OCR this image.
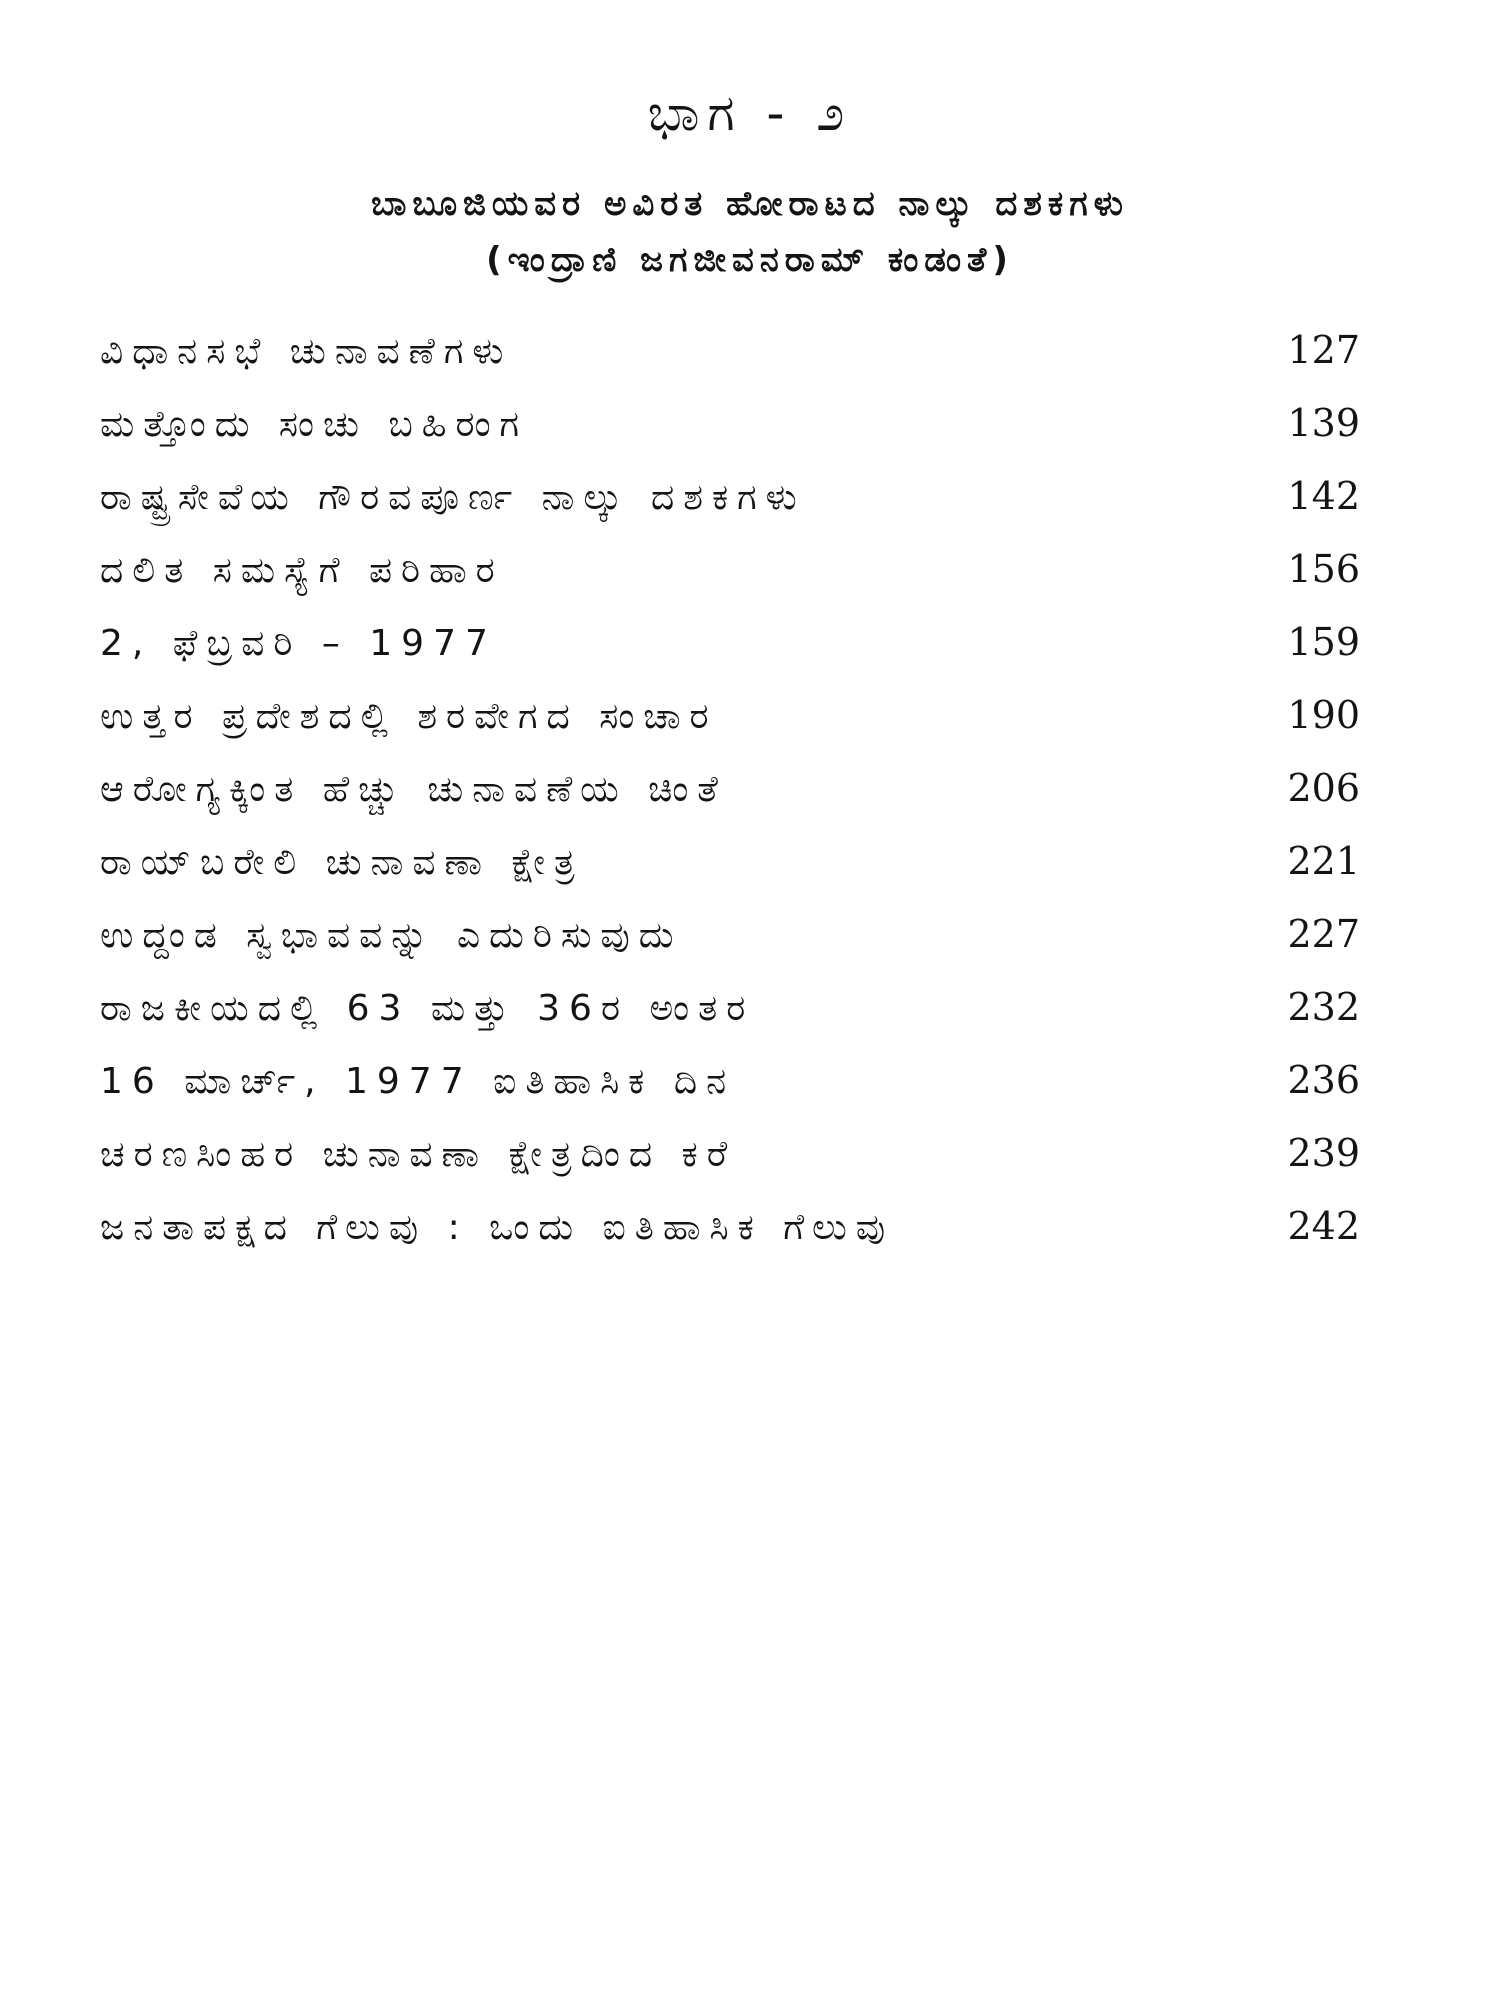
ಭಾಗ - ೨
ಬಾಬೂಜಿಯವರ ಅವಿರತ ಹೋರಾಟದ ನಾಲ್ಕು ದಶಕಗಳು
(ಇಂದ್ರಾಣಿ ಜಗಜೀವನರಾಮ್ ಕಂಡಂತೆ)
ವಿಧಾನಸಭೆ ಚುನಾವಣೆಗಳು	127
ಮತ್ತೊಂದು ಸಂಚು ಬಹಿರಂಗ	139
ರಾಷ್ಟ್ರಸೇವೆಯ ಗೌರವಪೂರ್ಣ ನಾಲ್ಕು ದಶಕಗಳು	142
ದಲಿತ ಸಮಸ್ಯೆಗೆ ಪರಿಹಾರ	156
2, ಫೆಬ್ರವರಿ – 1977	159
ಉತ್ತರ ಪ್ರದೇಶದಲ್ಲಿ ಶರವೇಗದ ಸಂಚಾರ	190
ಆರೋಗ್ಯಕ್ಕಿಂತ ಹೆಚ್ಚು ಚುನಾವಣೆಯ ಚಿಂತೆ	206
ರಾಯ್‌ಬರೇಲಿ ಚುನಾವಣಾ ಕ್ಷೇತ್ರ	221
ಉದ್ದಂಡ ಸ್ವಭಾವವನ್ನು ಎದುರಿಸುವುದು	227
ರಾಜಕೀಯದಲ್ಲಿ 63 ಮತ್ತು 36ರ ಅಂತರ	232
16 ಮಾರ್ಚ್, 1977 ಐತಿಹಾಸಿಕ ದಿನ	236
ಚರಣಸಿಂಹರ ಚುನಾವಣಾ ಕ್ಷೇತ್ರದಿಂದ ಕರೆ	239
ಜನತಾಪಕ್ಷದ ಗೆಲುವು : ಒಂದು ಐತಿಹಾಸಿಕ ಗೆಲುವು	242
